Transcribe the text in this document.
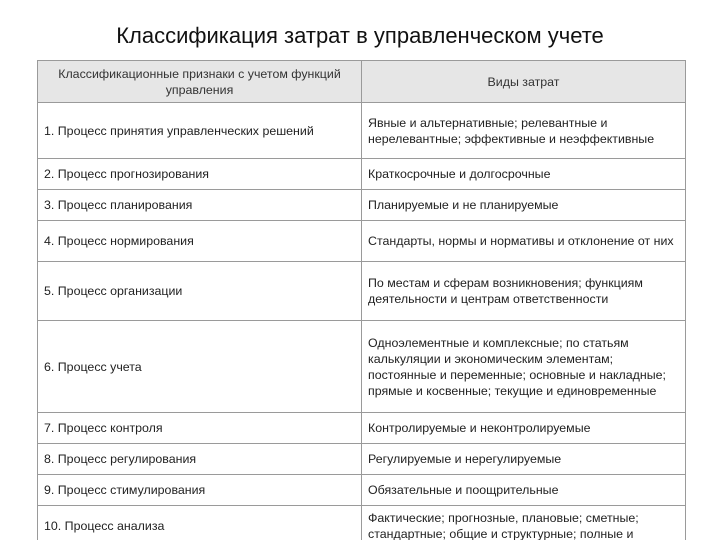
Классификация затрат в управленческом учете
Классификационные признаки с учетом функций управления	Виды затрат
1. Процесс принятия управленческих решений	Явные и альтернативные; релевантные и нерелевантные; эффективные и неэффективные
2. Процесс прогнозирования	Краткосрочные и долгосрочные
3. Процесс планирования	Планируемые и не планируемые
4. Процесс нормирования	Стандарты, нормы и нормативы и отклонение от них
5. Процесс организации	По местам и сферам возникновения; функциям деятельности и центрам ответственности
6. Процесс учета	Одноэлементные и комплексные; по статьям калькуляции и экономическим элементам; постоянные и переменные; основные и накладные; прямые и косвенные; текущие и единовременные
7. Процесс контроля	Контролируемые и неконтролируемые
8. Процесс регулирования	Регулируемые и нерегулируемые
9. Процесс стимулирования	Обязательные и поощрительные
10. Процесс анализа	Фактические; прогнозные, плановые; сметные; стандартные; общие и структурные; полные и
